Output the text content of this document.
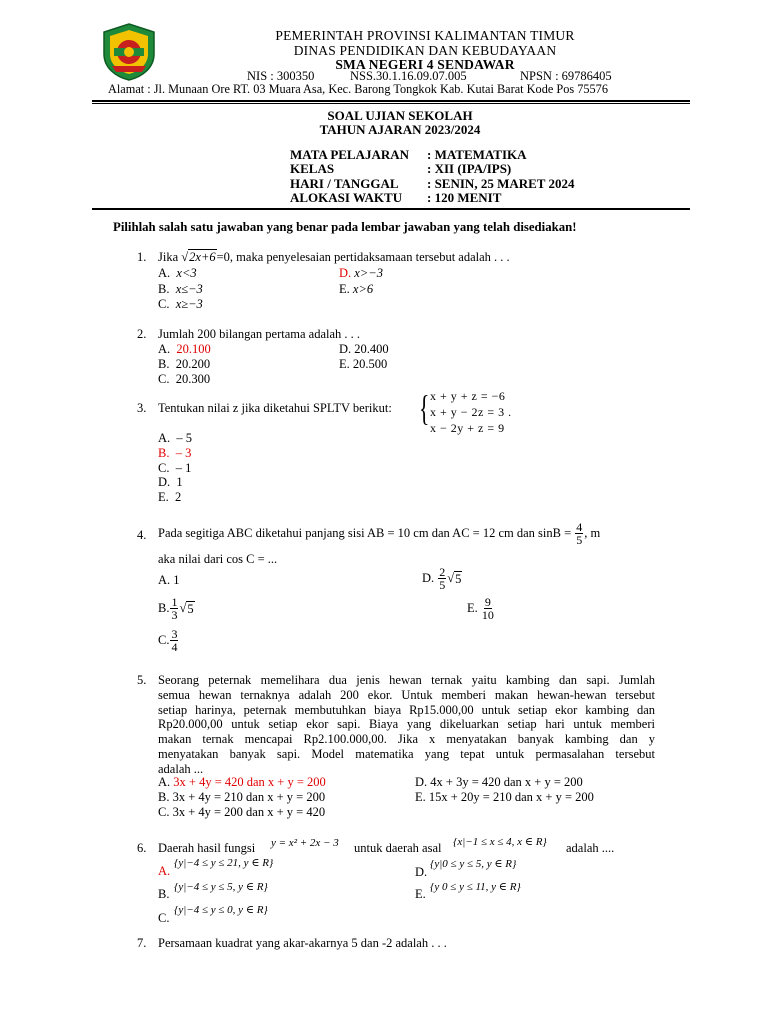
PEMERINTAH PROVINSI KALIMANTAN TIMUR
DINAS PENDIDIKAN DAN KEBUDAYAAN
SMA NEGERI 4 SENDAWAR
NIS : 300350	NSS.30.1.16.09.07.005	NPSN : 69786405
Alamat : Jl. Munaan Ore RT. 03 Muara Asa, Kec. Barong Tongkok Kab. Kutai Barat Kode Pos 75576
SOAL UJIAN SEKOLAH
TAHUN AJARAN 2023/2024
MATA PELAJARAN : MATEMATIKA
KELAS	: XII (IPA/IPS)
HARI / TANGGAL : SENIN, 25 MARET 2024
ALOKASI WAKTU : 120 MENIT
Pilihlah salah satu jawaban yang benar pada lembar jawaban yang telah disediakan!
1. Jika √2x+6=0, maka penyelesaian pertidaksamaan tersebut adalah . . .
A. x<3
B. x≤−3
C. x≥−3
D. x>−3
E. x>6
2. Jumlah 200 bilangan pertama adalah . . .
A. 20.100
B. 20.200
C. 20.300
D. 20.400
E. 20.500
3. Tentukan nilai z jika diketahui SPLTV berikut: { x + y + z = −6
x + y − 2z = 3 .
x − 2y + z = 9
A. – 5
B. – 3
C. – 1
D. 1
E. 2
4. Pada segitiga ABC diketahui panjang sisi AB = 10 cm dan AC = 12 cm dan sinB =
$\frac{4}{5}$ , m
aka nilai dari cos C = ...
A. 1
B. $\frac{1}{3}$ √ 5
C. $\frac{3}{4}$
D.
$\frac{2}{5}$ √ 5
E.
$\frac{9}{10}$
5. Seorang peternak memelihara dua jenis hewan ternak yaitu kambing dan sapi. Jumlah
semua hewan ternaknya adalah 200 ekor. Untuk memberi makan hewan-hewan tersebut
setiap harinya, peternak membutuhkan biaya Rp15.000,00 untuk setiap ekor kambing dan
Rp20.000,00 untuk setiap ekor sapi. Biaya yang dikeluarkan setiap hari untuk memberi
makan ternak mencapai Rp2.100.000,00. Jika x menyatakan banyak kambing dan y
menyatakan banyak sapi. Model matematika yang tepat untuk permasalahan tersebut
adalah ...
A. 3x + 4y = 420 dan x + y = 200
B. 3x + 4y = 210 dan x + y = 200
C. 3x + 4y = 200 dan x + y = 420
D. 4x + 3y = 420 dan x + y = 200
E. 15x + 20y = 210 dan x + y = 200
6. Daerah hasil fungsi y = x² + 2x − 3 untuk daerah asal {x|−1 ≤ x ≤ 4, x ∈ R} adalah ....
A.
{y|−4 ≤ y ≤ 21, y ∈ R}
B. {y|−4 ≤ y ≤ 5, y ∈ R}
C.
{y|−4 ≤ y ≤ 0, y ∈ R}
D.
{y|0 ≤ y ≤ 5, y ∈ R}
E. {y 0 ≤ y ≤ 11, y ∈ R}
7. Persamaan kuadrat yang akar-akarnya 5 dan -2 adalah . . .
